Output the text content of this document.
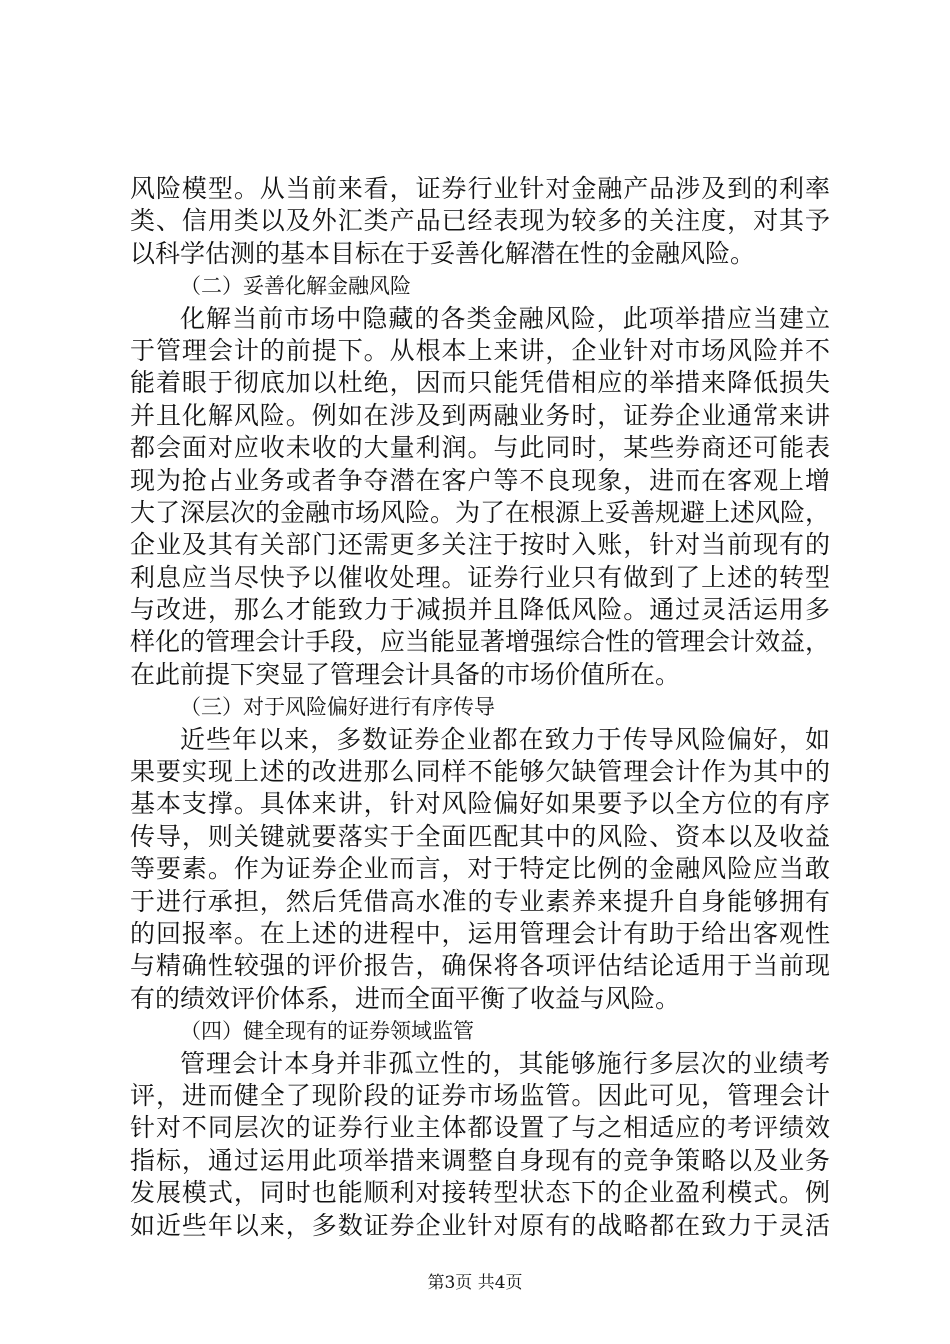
风险模型。从当前来看，证券行业针对金融产品涉及到的利率
类、信用类以及外汇类产品已经表现为较多的关注度，对其予
以科学估测的基本目标在于妥善化解潜在性的金融风险。
（二）妥善化解金融风险
化解当前市场中隐藏的各类金融风险，此项举措应当建立
于管理会计的前提下。从根本上来讲，企业针对市场风险并不
能着眼于彻底加以杜绝，因而只能凭借相应的举措来降低损失
并且化解风险。例如在涉及到两融业务时，证券企业通常来讲
都会面对应收未收的大量利润。与此同时，某些券商还可能表
现为抢占业务或者争夺潜在客户等不良现象，进而在客观上增
大了深层次的金融市场风险。为了在根源上妥善规避上述风险，
企业及其有关部门还需更多关注于按时入账，针对当前现有的
利息应当尽快予以催收处理。证券行业只有做到了上述的转型
与改进，那么才能致力于减损并且降低风险。通过灵活运用多
样化的管理会计手段，应当能显著增强综合性的管理会计效益，
在此前提下突显了管理会计具备的市场价值所在。
（三）对于风险偏好进行有序传导
近些年以来，多数证券企业都在致力于传导风险偏好，如
果要实现上述的改进那么同样不能够欠缺管理会计作为其中的
基本支撑。具体来讲，针对风险偏好如果要予以全方位的有序
传导，则关键就要落实于全面匹配其中的风险、资本以及收益
等要素。作为证券企业而言，对于特定比例的金融风险应当敢
于进行承担，然后凭借高水准的专业素养来提升自身能够拥有
的回报率。在上述的进程中，运用管理会计有助于给出客观性
与精确性较强的评价报告，确保将各项评估结论适用于当前现
有的绩效评价体系，进而全面平衡了收益与风险。
（四）健全现有的证券领域监管
管理会计本身并非孤立性的，其能够施行多层次的业绩考
评，进而健全了现阶段的证券市场监管。因此可见，管理会计
针对不同层次的证券行业主体都设置了与之相适应的考评绩效
指标，通过运用此项举措来调整自身现有的竞争策略以及业务
发展模式，同时也能顺利对接转型状态下的企业盈利模式。例
如近些年以来，多数证券企业针对原有的战略都在致力于灵活
第3页 共4页
